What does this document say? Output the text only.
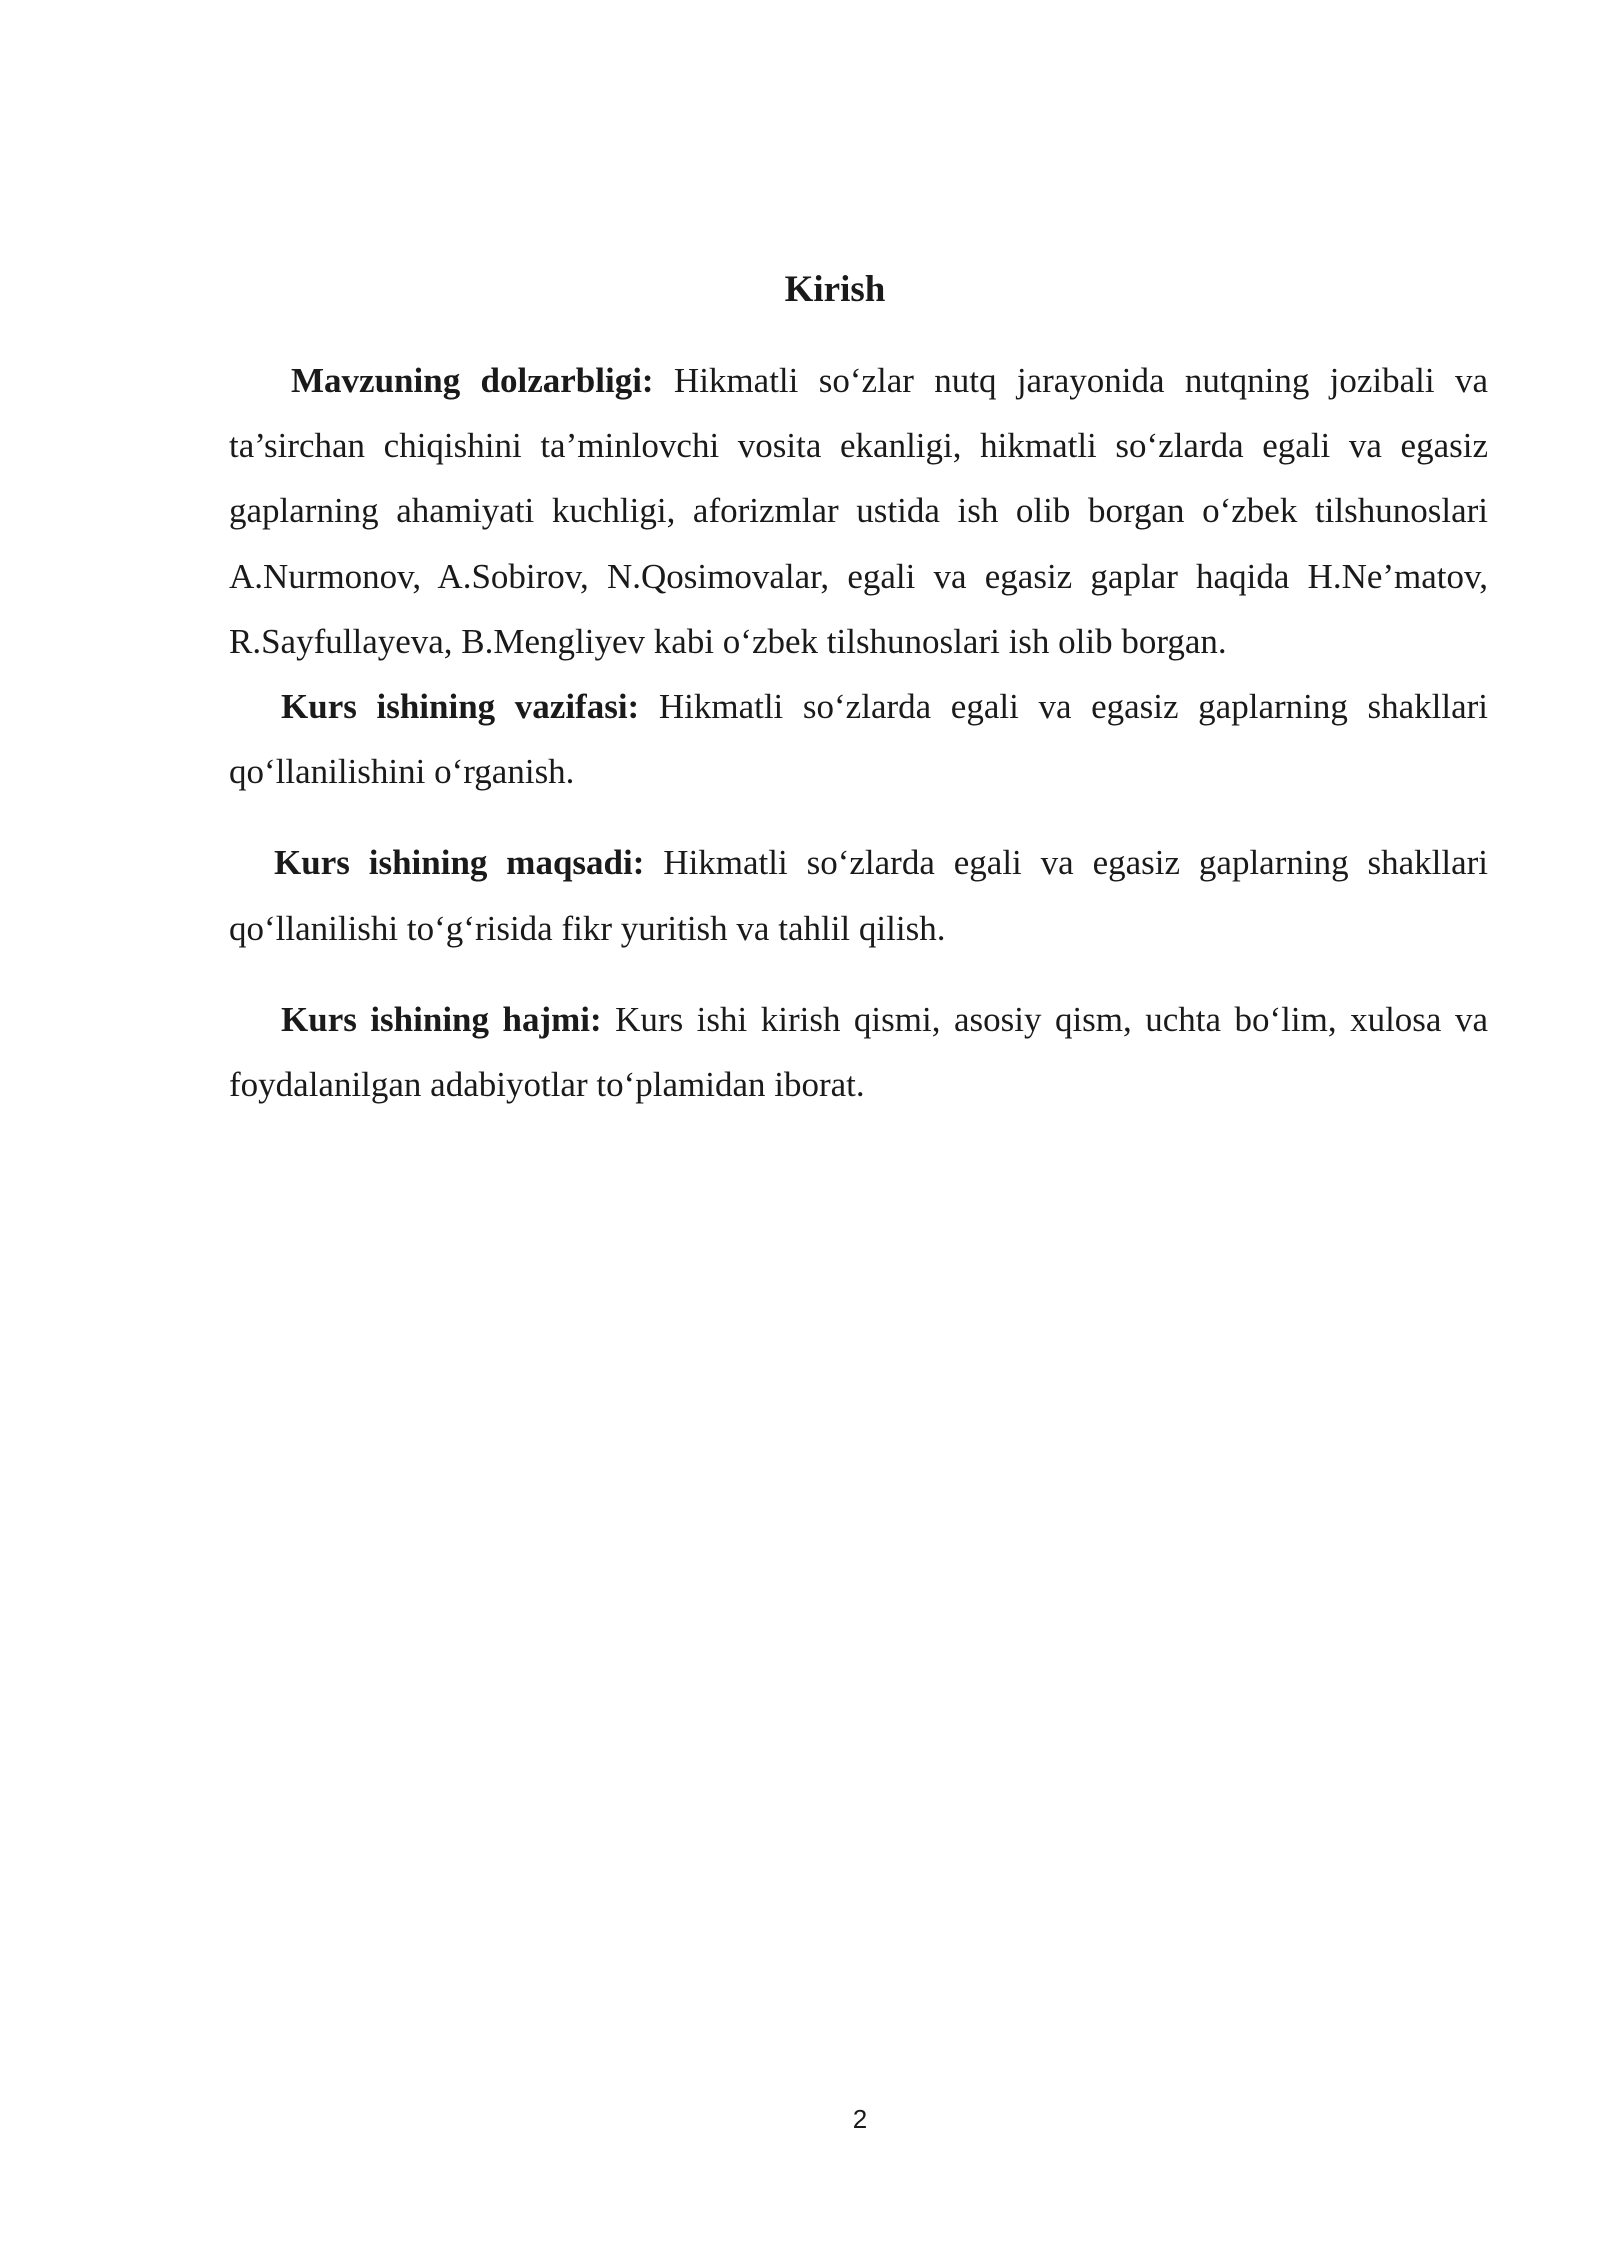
Kirish

Mavzuning dolzarbligi: Hikmatli so‘zlar nutq jarayonida nutqning jozibali va ta’sirchan chiqishini ta’minlovchi vosita ekanligi, hikmatli so‘zlarda egali va egasiz gaplarning ahamiyati kuchligi, aforizmlar ustida ish olib borgan o‘zbek tilshunoslari A.Nurmonov, A.Sobirov, N.Qosimovalar, egali va egasiz gaplar haqida H.Ne’matov, R.Sayfullayeva, B.Mengliyev kabi o‘zbek tilshunoslari ish olib borgan.

Kurs ishining vazifasi: Hikmatli so‘zlarda egali va egasiz gaplarning shakllari qo‘llanilishini o‘rganish.

Kurs ishining maqsadi: Hikmatli so‘zlarda egali va egasiz gaplarning shakllari qo‘llanilishi to‘g‘risida fikr yuritish va tahlil qilish.

Kurs ishining hajmi: Kurs ishi kirish qismi, asosiy qism, uchta bo‘lim, xulosa va foydalanilgan adabiyotlar to‘plamidan iborat.

2
